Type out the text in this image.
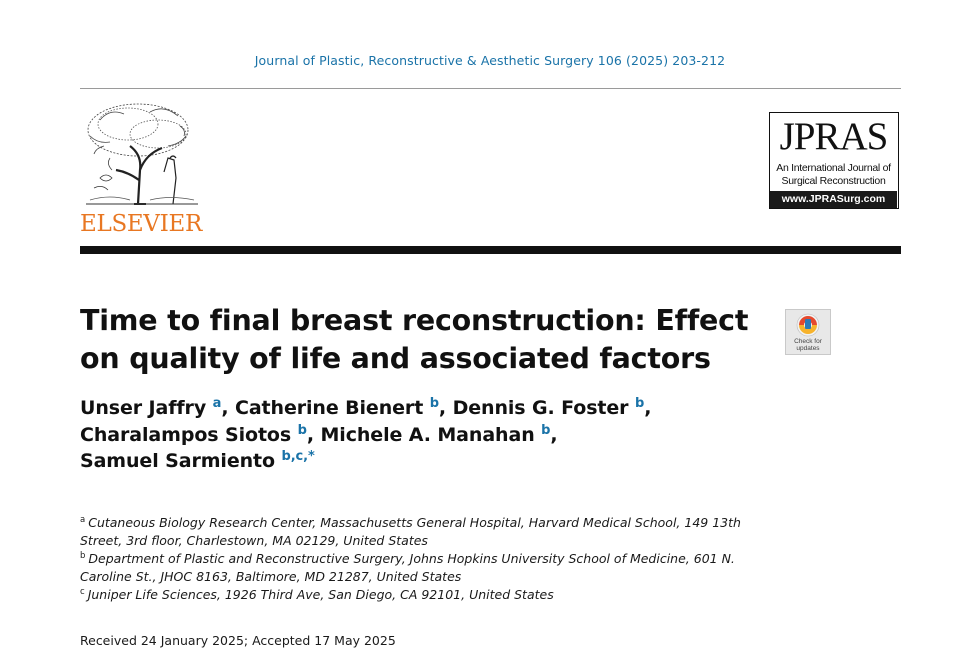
Journal of Plastic, Reconstructive & Aesthetic Surgery 106 (2025) 203-212
ELSEVIER
JPRAS
An International Journal of
Surgical Reconstruction
www.JPRASurg.com
Check for
updates
Time to final breast reconstruction: Effect
on quality of life and associated factors
Unser Jaffry $^a$, Catherine Bienert $^b$, Dennis G. Foster $^b$,
Charalampos Siotos $^b$, Michele A. Manahan $^b$,
Samuel Sarmiento $^{b,c,*}$
$^a$ Cutaneous Biology Research Center, Massachusetts General Hospital, Harvard Medical School, 149 13th
Street, 3rd floor, Charlestown, MA 02129, United States
$^b$ Department of Plastic and Reconstructive Surgery, Johns Hopkins University School of Medicine, 601 N.
Caroline St., JHOC 8163, Baltimore, MD 21287, United States
$^c$ Juniper Life Sciences, 1926 Third Ave, San Diego, CA 92101, United States
Received 24 January 2025; Accepted 17 May 2025
